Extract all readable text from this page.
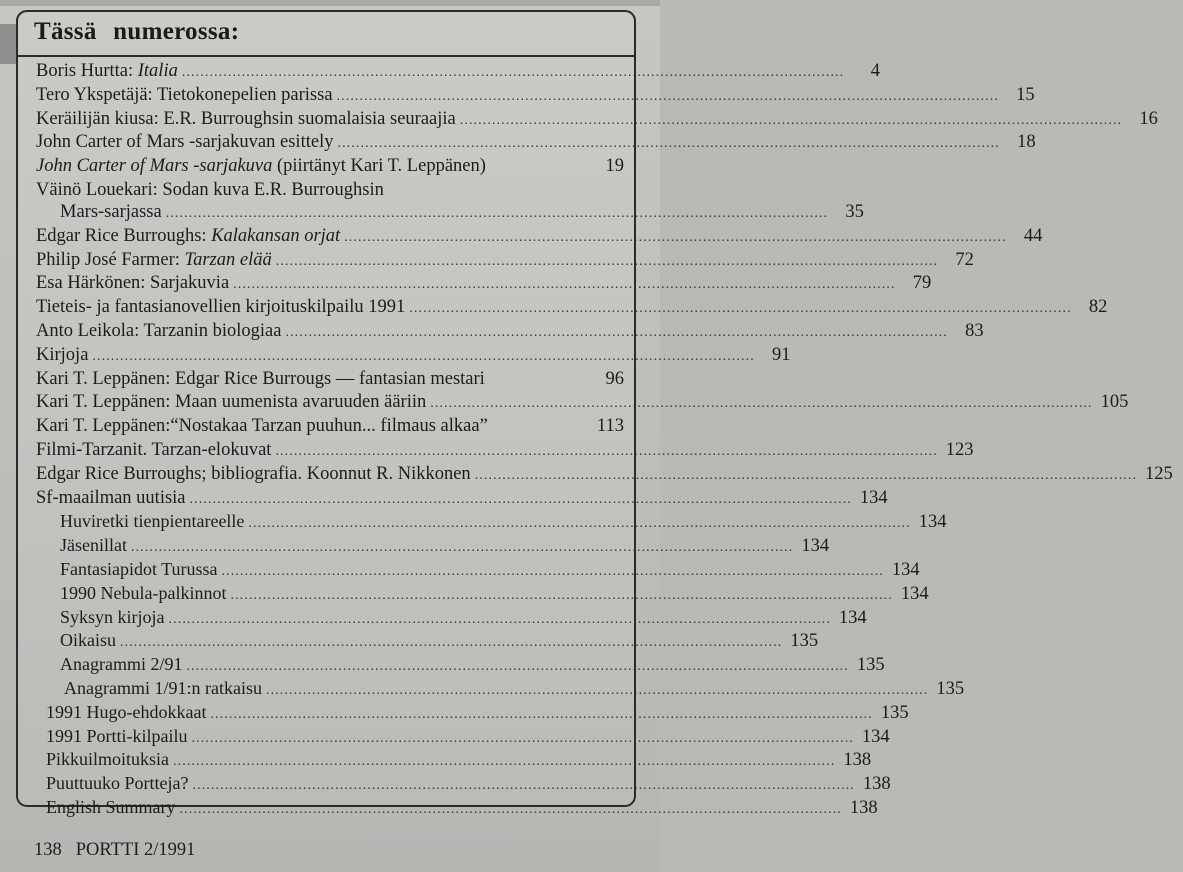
Tässä numerossa:
Boris Hurtta: Italia . . .	4
Tero Ykspetäjä: Tietokonepelien parissa . . .	15
Keräilijän kiusa: E.R. Burroughsin suomalaisia seuraajia . . .	16
John Carter of Mars -sarjakuvan esittely . . .	18
John Carter of Mars -sarjakuva (piirtänyt Kari T. Leppänen)	19
Väinö Louekari: Sodan kuva E.R. Burroughsin
Mars-sarjassa . . .	35
Edgar Rice Burroughs: Kalakansan orjat . . .	44
Philip José Farmer: Tarzan elää . . .	72
Esa Härkönen: Sarjakuvia . . .	79
Tieteis- ja fantasianovellien kirjoituskilpailu 1991 . . .	82
Anto Leikola: Tarzanin biologiaa . . .	83
Kirjoja . . .	91
Kari T. Leppänen: Edgar Rice Burrougs — fantasian mestari	96
Kari T. Leppänen: Maan uumenista avaruuden ääriin . . .	105
Kari T. Leppänen:“Nostakaa Tarzan puuhun... filmaus alkaa”	113
Filmi-Tarzanit. Tarzan-elokuvat . . .	123
Edgar Rice Burroughs; bibliografia. Koonnut R. Nikkonen . . .	125
Sf-maailman uutisia . . .	134
Huviretki tienpientareelle . . .	134
Jäsenillat . . .	134
Fantasiapidot Turussa . . .	134
1990 Nebula-palkinnot . . .	134
Syksyn kirjoja . . .	134
Oikaisu . . .	135
Anagrammi 2/91 . . .	135
Anagrammi 1/91:n ratkaisu . . .	135
1991 Hugo-ehdokkaat . . .	135
1991 Portti-kilpailu . . .	134
Pikkuilmoituksia . . .	138
Puuttuuko Portteja? . . .	138
English Summary . . .	138
138 PORTTI 2/1991
